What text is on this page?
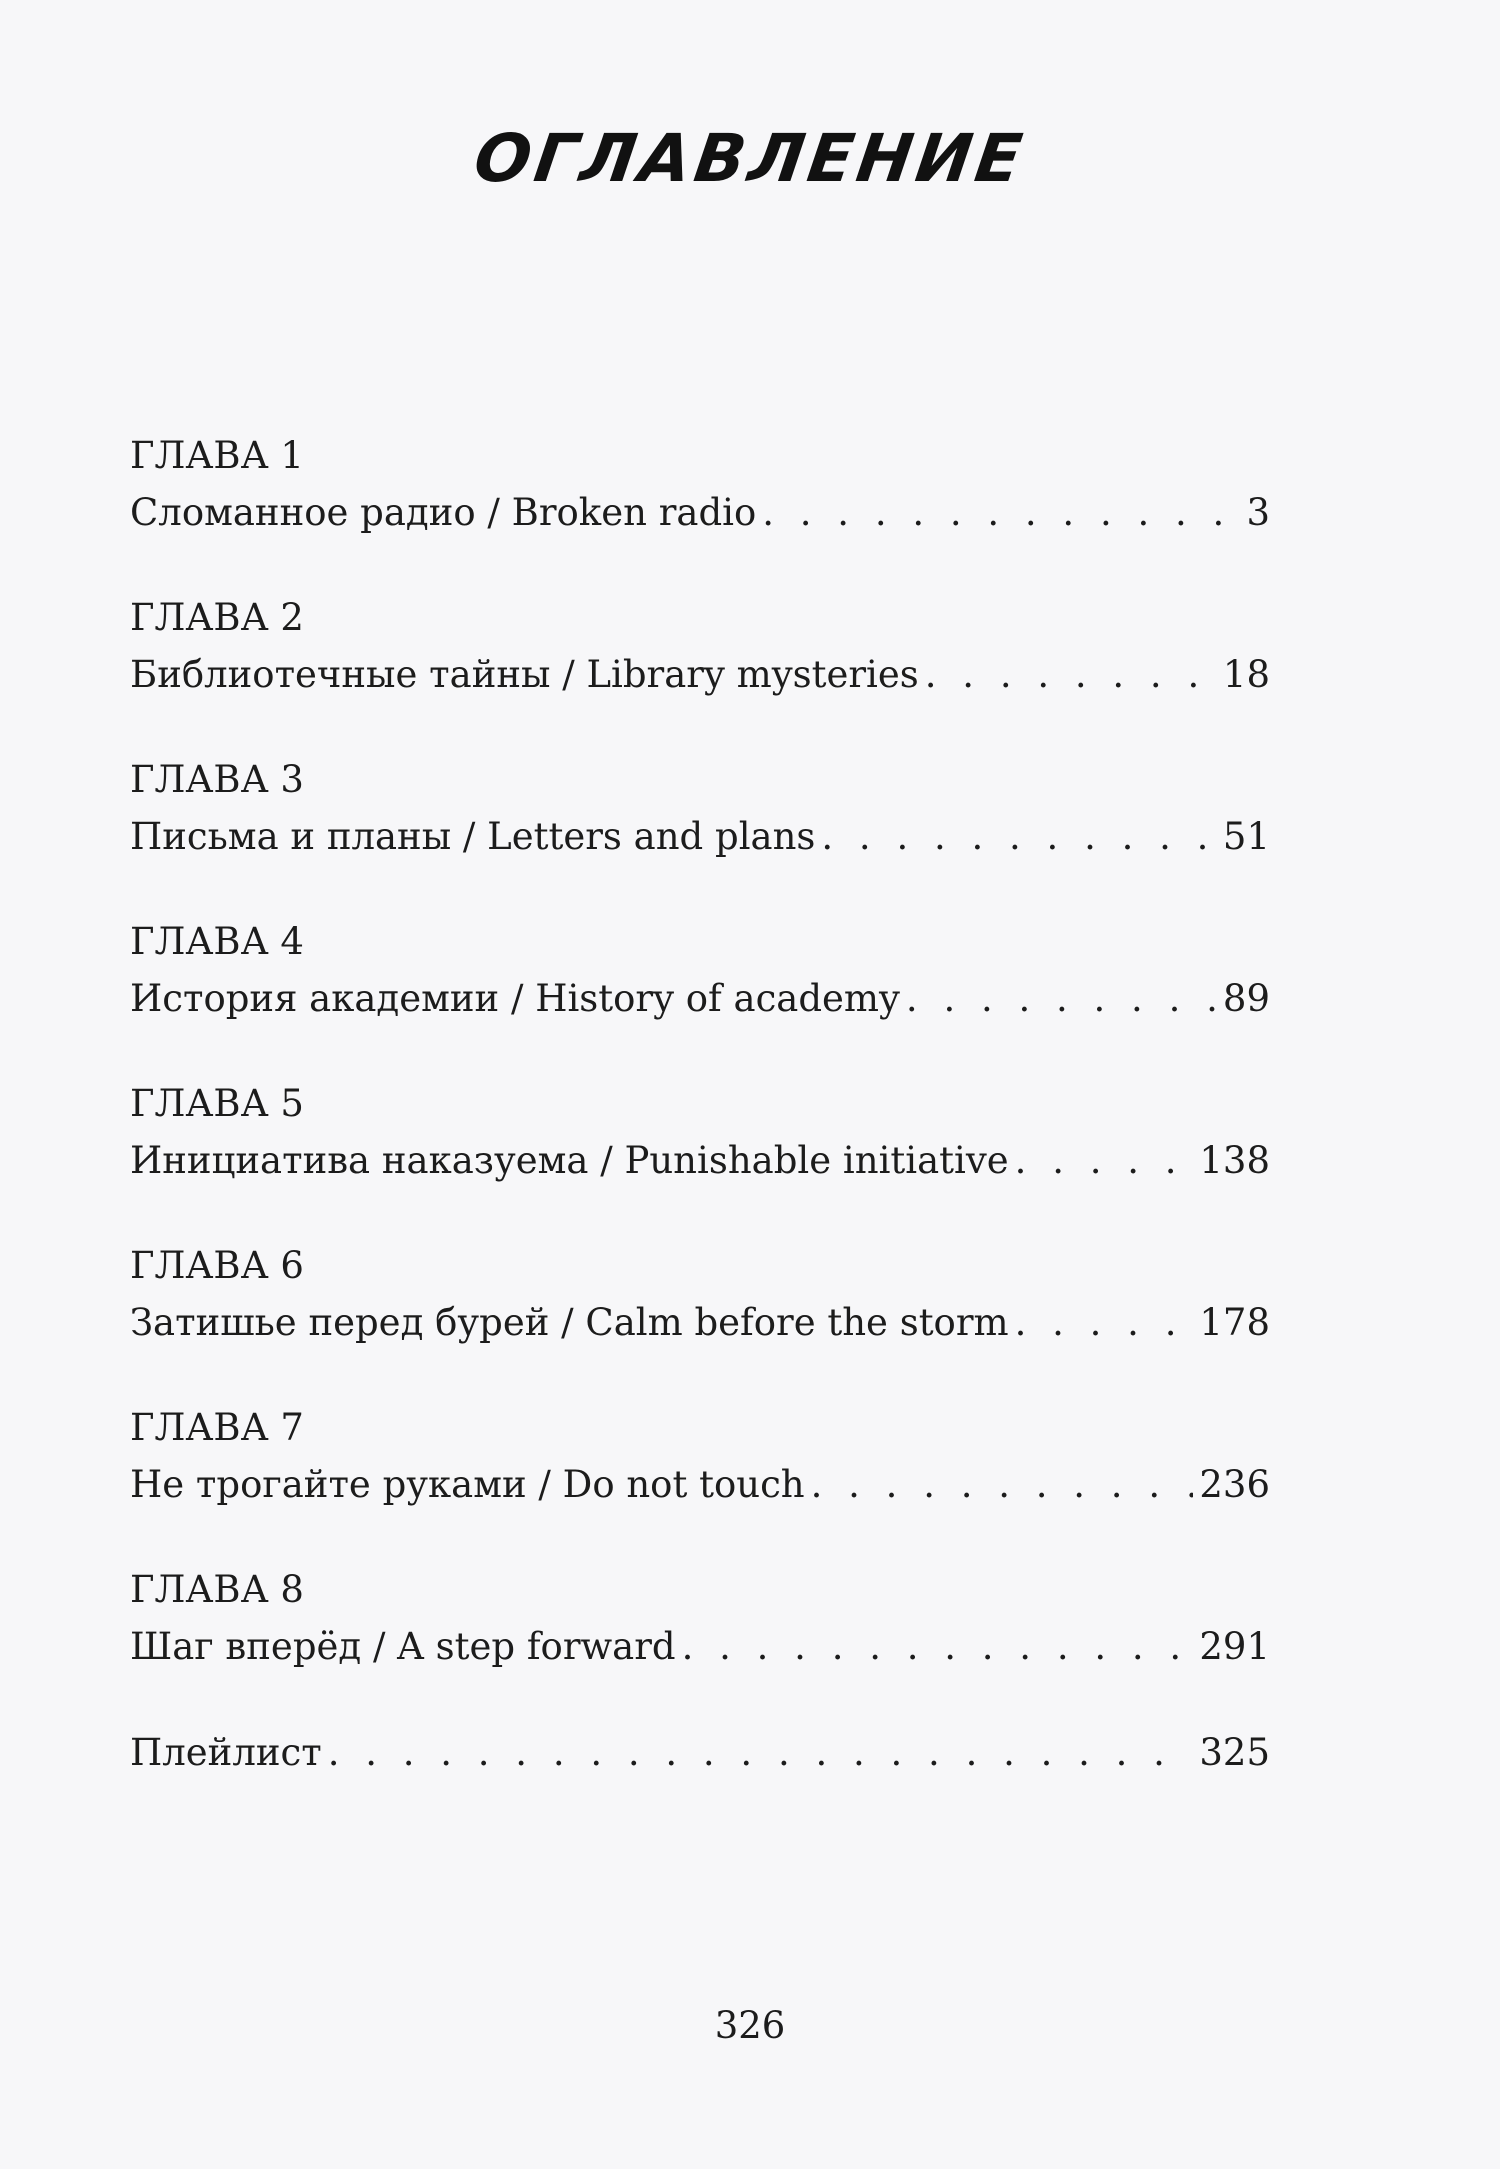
ОГЛАВЛЕНИЕ
ГЛАВА 1
Сломанное радио / Broken radio . . .	3
ГЛАВА 2
Библиотечные тайны / Library mysteries . . .	18
ГЛАВА 3
Письма и планы / Letters and plans . . .	51
ГЛАВА 4
История академии / History of academy . . .	89
ГЛАВА 5
Инициатива наказуема / Punishable initiative . . .	138
ГЛАВА 6
Затишье перед бурей / Calm before the storm . . .	178
ГЛАВА 7
Не трогайте руками / Do not touch . . .	236
ГЛАВА 8
Шаг вперёд / A step forward . . .	291
Плейлист . . .	325
326
